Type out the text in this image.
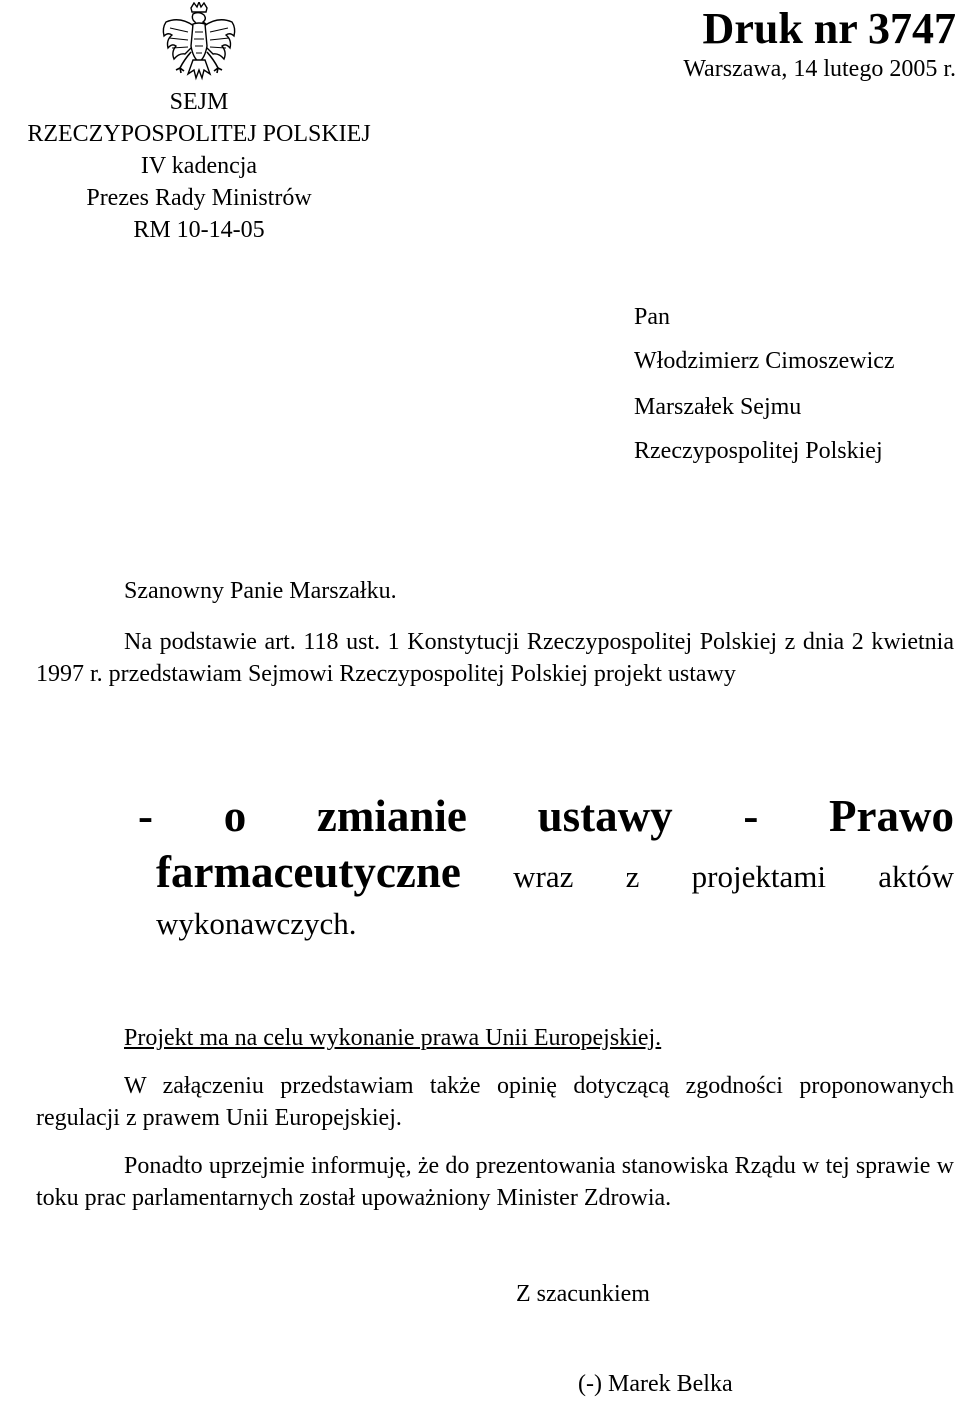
SEJM
RZECZYPOSPOLITEJ POLSKIEJ
IV kadencja
Prezes Rady Ministrów
RM 10-14-05
Druk nr 3747
Warszawa, 14 lutego 2005 r.
Pan
Włodzimierz Cimoszewicz
Marszałek Sejmu
Rzeczypospolitej Polskiej
Szanowny Panie Marszałku.
Na podstawie art. 118 ust. 1 Konstytucji Rzeczypospolitej Polskiej z dnia 2 kwietnia 1997 r. przedstawiam Sejmowi Rzeczypospolitej Polskiej projekt ustawy
- o zmianie ustawy - Prawo
farmaceutyczne wraz z projektami aktów
wykonawczych.
Projekt ma na celu wykonanie prawa Unii Europejskiej.
W załączeniu przedstawiam także opinię dotyczącą zgodności proponowanych regulacji z prawem Unii Europejskiej.
Ponadto uprzejmie informuję, że do prezentowania stanowiska Rządu w tej sprawie w toku prac parlamentarnych został upoważniony Minister Zdrowia.
Z szacunkiem
(-) Marek Belka
